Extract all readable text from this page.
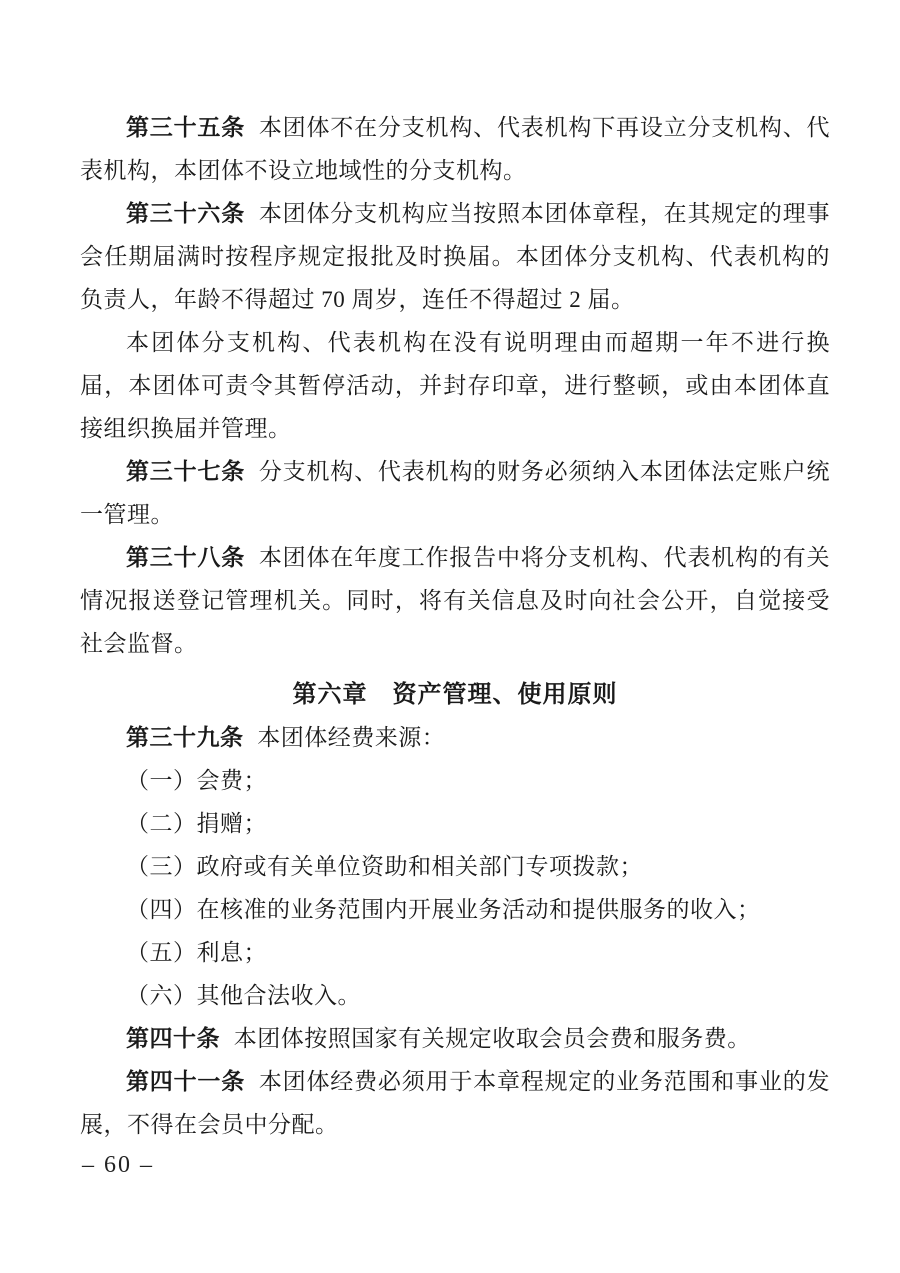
第三十五条 本团体不在分支机构、代表机构下再设立分支机构、代表机构，本团体不设立地域性的分支机构。

第三十六条 本团体分支机构应当按照本团体章程，在其规定的理事会任期届满时按程序规定报批及时换届。本团体分支机构、代表机构的负责人，年龄不得超过 70 周岁，连任不得超过 2 届。

本团体分支机构、代表机构在没有说明理由而超期一年不进行换届，本团体可责令其暂停活动，并封存印章，进行整顿，或由本团体直接组织换届并管理。

第三十七条 分支机构、代表机构的财务必须纳入本团体法定账户统一管理。

第三十八条 本团体在年度工作报告中将分支机构、代表机构的有关情况报送登记管理机关。同时，将有关信息及时向社会公开，自觉接受社会监督。

第六章　资产管理、使用原则

第三十九条 本团体经费来源：

（一）会费；

（二）捐赠；

（三）政府或有关单位资助和相关部门专项拨款；

（四）在核准的业务范围内开展业务活动和提供服务的收入；

（五）利息；

（六）其他合法收入。

第四十条 本团体按照国家有关规定收取会员会费和服务费。

第四十一条 本团体经费必须用于本章程规定的业务范围和事业的发展，不得在会员中分配。

– 60 –
